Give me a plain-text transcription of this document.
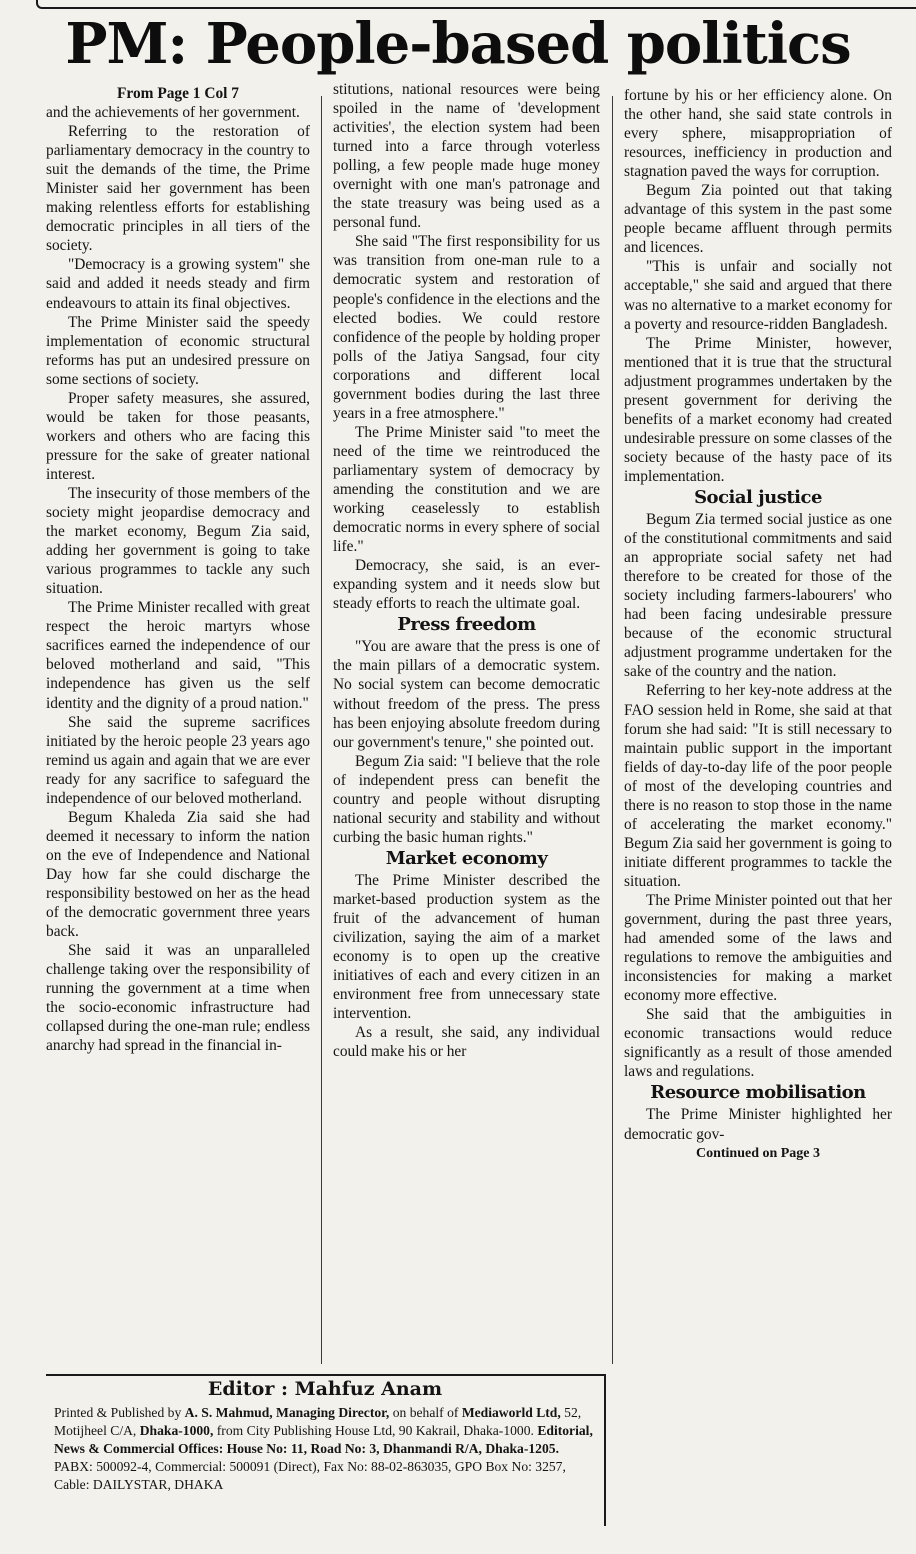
PM: People-based politics

From Page 1 Col 7

and the achievements of her government.

Referring to the restoration of parliamentary democracy in the country to suit the demands of the time, the Prime Minister said her government has been making relentless efforts for establishing democratic principles in all tiers of the society.

"Democracy is a growing system" she said and added it needs steady and firm endeavours to attain its final objectives.

The Prime Minister said the speedy implementation of economic structural reforms has put an undesired pressure on some sections of society.

Proper safety measures, she assured, would be taken for those peasants, workers and others who are facing this pressure for the sake of greater national interest.

The insecurity of those members of the society might jeopardise democracy and the market economy, Begum Zia said, adding her government is going to take various programmes to tackle any such situation.

The Prime Minister recalled with great respect the heroic martyrs whose sacrifices earned the independence of our beloved motherland and said, "This independence has given us the self identity and the dignity of a proud nation."

She said the supreme sacrifices initiated by the heroic people 23 years ago remind us again and again that we are ever ready for any sacrifice to safeguard the independence of our beloved motherland.

Begum Khaleda Zia said she had deemed it necessary to inform the nation on the eve of Independence and National Day how far she could discharge the responsibility bestowed on her as the head of the democratic government three years back.

She said it was an unparalleled challenge taking over the responsibility of running the government at a time when the socio-economic infrastructure had collapsed during the one-man rule; endless anarchy had spread in the financial in-

stitutions, national resources were being spoiled in the name of 'development activities', the election system had been turned into a farce through voterless polling, a few people made huge money overnight with one man's patronage and the state treasury was being used as a personal fund.

She said "The first responsibility for us was transition from one-man rule to a democratic system and restoration of people's confidence in the elections and the elected bodies. We could restore confidence of the people by holding proper polls of the Jatiya Sangsad, four city corporations and different local government bodies during the last three years in a free atmosphere."

The Prime Minister said "to meet the need of the time we reintroduced the parliamentary system of democracy by amending the constitution and we are working ceaselessly to establish democratic norms in every sphere of social life."

Democracy, she said, is an ever-expanding system and it needs slow but steady efforts to reach the ultimate goal.

Press freedom

"You are aware that the press is one of the main pillars of a democratic system. No social system can become democratic without freedom of the press. The press has been enjoying absolute freedom during our government's tenure," she pointed out.

Begum Zia said: "I believe that the role of independent press can benefit the country and people without disrupting national security and stability and without curbing the basic human rights."

Market economy

The Prime Minister described the market-based production system as the fruit of the advancement of human civilization, saying the aim of a market economy is to open up the creative initiatives of each and every citizen in an environment free from unnecessary state intervention.

As a result, she said, any individual could make his or her

fortune by his or her efficiency alone. On the other hand, she said state controls in every sphere, misappropriation of resources, inefficiency in production and stagnation paved the ways for corruption.

Begum Zia pointed out that taking advantage of this system in the past some people became affluent through permits and licences.

"This is unfair and socially not acceptable," she said and argued that there was no alternative to a market economy for a poverty and resource-ridden Bangladesh.

The Prime Minister, however, mentioned that it is true that the structural adjustment programmes undertaken by the present government for deriving the benefits of a market economy had created undesirable pressure on some classes of the society because of the hasty pace of its implementation.

Social justice

Begum Zia termed social justice as one of the constitutional commitments and said an appropriate social safety net had therefore to be created for those of the society including farmers-labourers' who had been facing undesirable pressure because of the economic structural adjustment programme undertaken for the sake of the country and the nation.

Referring to her key-note address at the FAO session held in Rome, she said at that forum she had said: "It is still necessary to maintain public support in the important fields of day-to-day life of the poor people of most of the developing countries and there is no reason to stop those in the name of accelerating the market economy." Begum Zia said her government is going to initiate different programmes to tackle the situation.

The Prime Minister pointed out that her government, during the past three years, had amended some of the laws and regulations to remove the ambiguities and inconsistencies for making a market economy more effective.

She said that the ambiguities in economic transactions would reduce significantly as a result of those amended laws and regulations.

Resource mobilisation

The Prime Minister highlighted her democratic gov-

Continued on Page 3

Editor : Mahfuz Anam

Printed & Published by A. S. Mahmud, Managing Director, on behalf of Mediaworld Ltd, 52, Motijheel C/A, Dhaka-1000, from City Publishing House Ltd, 90 Kakrail, Dhaka-1000. Editorial, News & Commercial Offices: House No: 11, Road No: 3, Dhanmandi R/A, Dhaka-1205. PABX: 500092-4, Commercial: 500091 (Direct), Fax No: 88-02-863035, GPO Box No: 3257, Cable: DAILYSTAR, DHAKA
